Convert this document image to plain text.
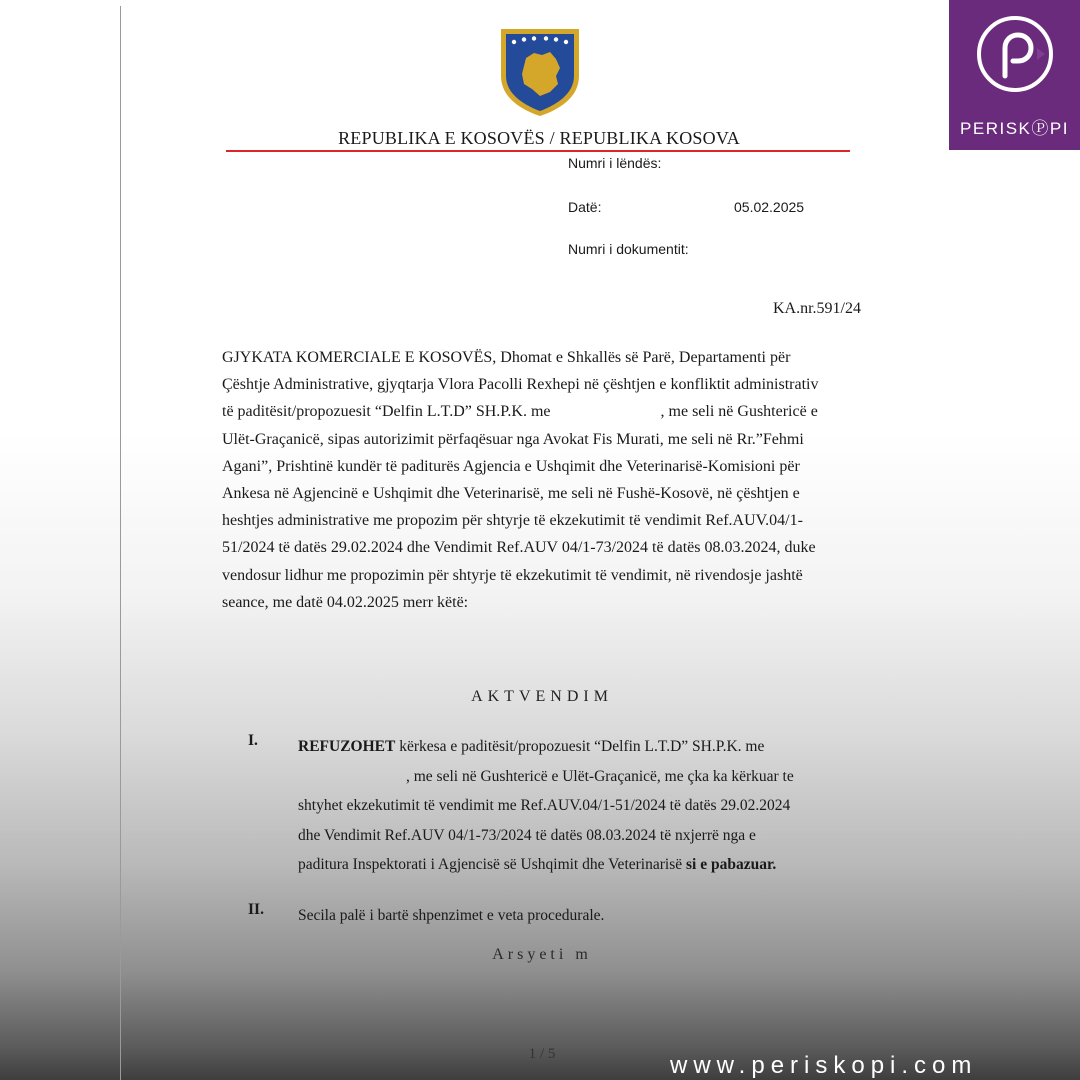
REPUBLIKA E KOSOVËS / REPUBLIKA KOSOVA
Numri i lëndës:
Datë:	05.02.2025
Numri i dokumentit:
KA.nr.591/24
GJYKATA KOMERCIALE E KOSOVËS, Dhomat e Shkallës së Parë, Departamenti për
Çështje Administrative, gjyqtarja Vlora Pacolli Rexhepi në çështjen e konfliktit administrativ
të paditësit/propozuesit “Delfin L.T.D” SH.P.K. me	, me seli në Gushtericë e
Ulët-Graçanicë, sipas autorizimit përfaqësuar nga Avokat Fis Murati, me seli në Rr.”Fehmi
Agani”, Prishtinë kundër të paditurës Agjencia e Ushqimit dhe Veterinarisë-Komisioni për
Ankesa në Agjencinë e Ushqimit dhe Veterinarisë, me seli në Fushë-Kosovë, në çështjen e
heshtjes administrative me propozim për shtyrje të ekzekutimit të vendimit Ref.AUV.04/1-
51/2024 të datës 29.02.2024 dhe Vendimit Ref.AUV 04/1-73/2024 të datës 08.03.2024, duke
vendosur lidhur me propozimin për shtyrje të ekzekutimit të vendimit, në rivendosje jashtë
seance, me datë 04.02.2025 merr këtë:
AKTVENDIM
I.	REFUZOHET kërkesa e paditësit/propozuesit “Delfin L.T.D” SH.P.K. me
, me seli në Gushtericë e Ulët-Graçanicë, me çka ka kërkuar te
shtyhet ekzekutimit të vendimit me Ref.AUV.04/1-51/2024 të datës 29.02.2024
dhe Vendimit Ref.AUV 04/1-73/2024 të datës 08.03.2024 të nxjerrë nga e
paditura Inspektorati i Agjencisë së Ushqimit dhe Veterinarisë si e pabazuar.
II. Secila palë i bartë shpenzimet e veta procedurale.
Arsyeti m
1 / 5
PERISKⓅPI
www.periskopi.com
